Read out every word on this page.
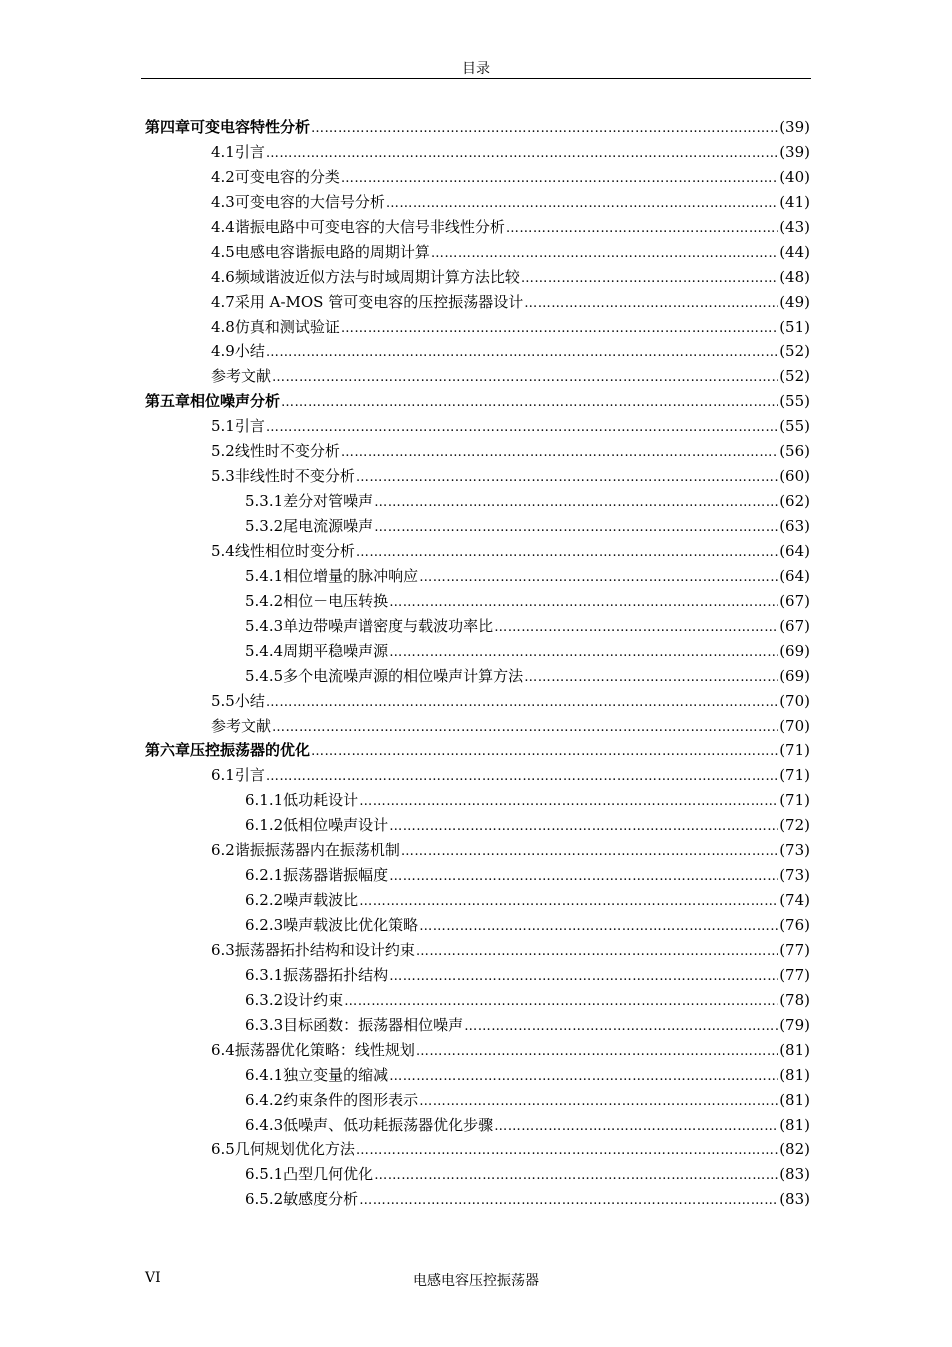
目录
第四章 可变电容特性分析 ………………………………………………………………………………………………………………………………………………………………	(39)
4.1 引言 ………………………………………………………………………………………………………………………………………………………………	(39)
4.2 可变电容的分类 ………………………………………………………………………………………………………………………………………………………………	(40)
4.3 可变电容的大信号分析 ………………………………………………………………………………………………………………………………………………………………	(41)
4.4 谐振电路中可变电容的大信号非线性分析 ………………………………………………………………………………………………………………………………………………………………	(43)
4.5 电感电容谐振电路的周期计算 ………………………………………………………………………………………………………………………………………………………………	(44)
4.6 频域谐波近似方法与时域周期计算方法比较 ………………………………………………………………………………………………………………………………………………………………	(48)
4.7 采用 A-MOS 管可变电容的压控振荡器设计 ………………………………………………………………………………………………………………………………………………………………	(49)
4.8 仿真和测试验证 ………………………………………………………………………………………………………………………………………………………………	(51)
4.9 小结 ………………………………………………………………………………………………………………………………………………………………	(52)
参考文献 ………………………………………………………………………………………………………………………………………………………………	(52)
第五章 相位噪声分析 ………………………………………………………………………………………………………………………………………………………………	(55)
5.1 引言 ………………………………………………………………………………………………………………………………………………………………	(55)
5.2 线性时不变分析 ………………………………………………………………………………………………………………………………………………………………	(56)
5.3 非线性时不变分析 ………………………………………………………………………………………………………………………………………………………………	(60)
5.3.1 差分对管噪声 ………………………………………………………………………………………………………………………………………………………………	(62)
5.3.2 尾电流源噪声 ………………………………………………………………………………………………………………………………………………………………	(63)
5.4 线性相位时变分析 ………………………………………………………………………………………………………………………………………………………………	(64)
5.4.1 相位增量的脉冲响应 ………………………………………………………………………………………………………………………………………………………………	(64)
5.4.2 相位－电压转换 ………………………………………………………………………………………………………………………………………………………………	(67)
5.4.3 单边带噪声谱密度与载波功率比 ………………………………………………………………………………………………………………………………………………………………	(67)
5.4.4 周期平稳噪声源 ………………………………………………………………………………………………………………………………………………………………	(69)
5.4.5 多个电流噪声源的相位噪声计算方法 ………………………………………………………………………………………………………………………………………………………………	(69)
5.5 小结 ………………………………………………………………………………………………………………………………………………………………	(70)
参考文献 ………………………………………………………………………………………………………………………………………………………………	(70)
第六章 压控振荡器的优化 ………………………………………………………………………………………………………………………………………………………………	(71)
6.1 引言 ………………………………………………………………………………………………………………………………………………………………	(71)
6.1.1 低功耗设计 ………………………………………………………………………………………………………………………………………………………………	(71)
6.1.2 低相位噪声设计 ………………………………………………………………………………………………………………………………………………………………	(72)
6.2 谐振振荡器内在振荡机制 ………………………………………………………………………………………………………………………………………………………………	(73)
6.2.1 振荡器谐振幅度 ………………………………………………………………………………………………………………………………………………………………	(73)
6.2.2 噪声载波比 ………………………………………………………………………………………………………………………………………………………………	(74)
6.2.3 噪声载波比优化策略 ………………………………………………………………………………………………………………………………………………………………	(76)
6.3 振荡器拓扑结构和设计约束 ………………………………………………………………………………………………………………………………………………………………	(77)
6.3.1 振荡器拓扑结构 ………………………………………………………………………………………………………………………………………………………………	(77)
6.3.2 设计约束 ………………………………………………………………………………………………………………………………………………………………	(78)
6.3.3 目标函数：振荡器相位噪声 ………………………………………………………………………………………………………………………………………………………………	(79)
6.4 振荡器优化策略：线性规划 ………………………………………………………………………………………………………………………………………………………………	(81)
6.4.1 独立变量的缩减 ………………………………………………………………………………………………………………………………………………………………	(81)
6.4.2 约束条件的图形表示 ………………………………………………………………………………………………………………………………………………………………	(81)
6.4.3 低噪声、低功耗振荡器优化步骤 ………………………………………………………………………………………………………………………………………………………………	(81)
6.5 几何规划优化方法 ………………………………………………………………………………………………………………………………………………………………	(82)
6.5.1 凸型几何优化 ………………………………………………………………………………………………………………………………………………………………	(83)
6.5.2 敏感度分析 ………………………………………………………………………………………………………………………………………………………………	(83)
VI	电感电容压控振荡器
